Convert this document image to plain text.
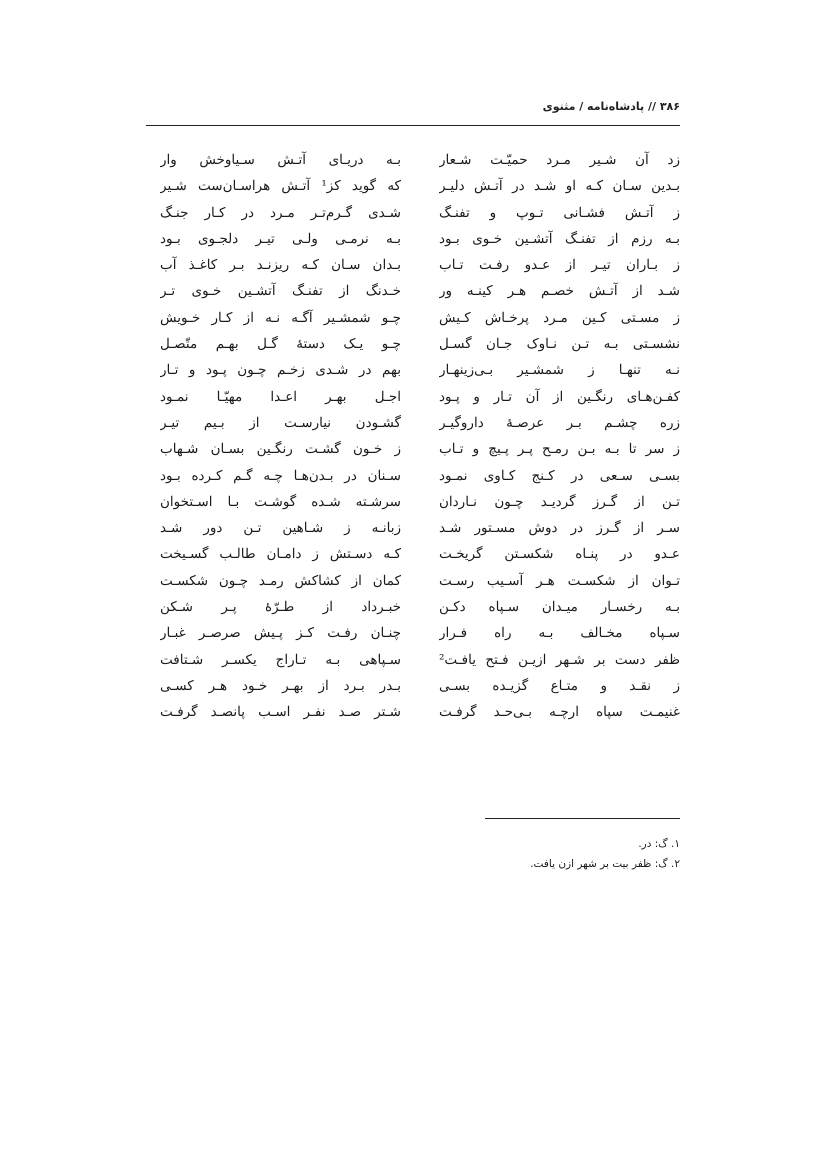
۳۸۶ // پادشاه‌نامه / مثنوی
زد آن شـیر مـرد حمیّـت شـعار
بـه دریـای آتـش سـیاوخش وار
بـدین سـان کـه او شـد در آتـش دلیـر
که گوید کز¹ آتـش هراسـان‌ست شـیر
ز آتـش فشـانی تـوپ و تفنـگ
شـدی گـرم‌تـر مـرد در کـار جنـگ
بـه رزم از تفنـگ آتشـین خـوی بـود
بـه نرمـی ولـی تیـر دلجـوی بـود
ز بـاران تیـر از عـدو رفـت تـاب
بـدان سـان کـه ریزنـد بـر کاغـذ آب
شـد از آتـش خصـم هـر کینـه ور
خـدنگ از تفنـگ آتشـین خـوی تـر
ز مسـتی کـین مـرد پرخـاش کـیش
چـو شمشـیر آگـه نـه از کـار خـویش
نشسـتی بـه تـن نـاوک جـان گسـل
چـو یـک دستهٔ گـل بهـم متّصـل
نـه تنهـا ز شمشـیر بـی‌زینهـار
بهم در شـدی زخـم چـون پـود و تـار
کفـن‌هـای رنگـین از آن تـار و پـود
اجـل بهـر اعـدا مهیّـا نمـود
زره چشـم بـر عرصـهٔ داروگیـر
گشـودن نیارسـت از بـیم تیـر
ز سر تا بـه بـن رمـح پـر پـیچ و تـاب
ز خـون گشـت رنگـین بسـان شـهاب
بسـی سـعی در کـنج کـاوی نمـود
سـنان در بـدن‌هـا چـه گـم کـرده بـود
تـن از گـرز گردیـد چـون نـاردان
سرشـته شـده گوشـت بـا اسـتخوان
سـر از گـرز در دوش مسـتور شـد
زبانـه ز شـاهین تـن دور شـد
عـدو در پنـاه شکسـتن گریخـت
کـه دسـتش ز دامـان طالـب گسـیخت
تـوان از شکسـت هـر آسـیب رسـت
کمان از کشاکش رمـد چـون شکسـت
بـه رخسـار میـدان سـپاه دکـن
خبـرداد از طـرّهٔ پـر شـکن
سـپاه مخـالف بـه راه فـرار
چنـان رفـت کـز پـیش صرصـر غبـار
ظفر دست بر شـهر ازیـن فـتح یافـت²
سـپاهی بـه تـاراج یکسـر شـتافت
ز نقـد و متـاع گزیـده بسـی
بـدر بـرد از بهـر خـود هـر کسـی
غنیمـت سپاه ارچـه بـی‌حـد گرفـت
شـتر صـد نفـر اسـب پانصـد گرفـت
۱. گ: در.
۲. گ: ظفر بیت بر شهر ازن یافت.
